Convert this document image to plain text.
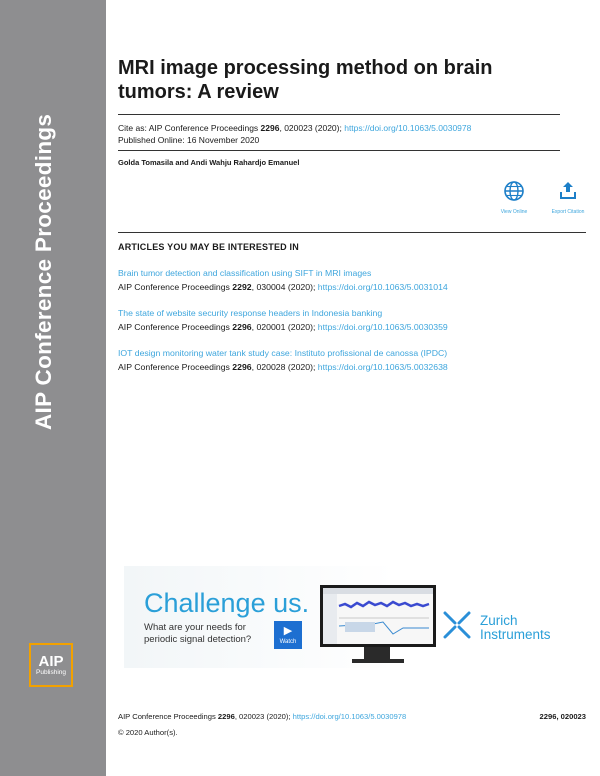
AIP Conference Proceedings
AIP
Publishing
MRI image processing method on brain tumors: A review
Cite as: AIP Conference Proceedings 2296, 020023 (2020); https://doi.org/10.1063/5.0030978
Published Online: 16 November 2020
Golda Tomasila and Andi Wahju Rahardjo Emanuel
View Online	Export Citation
ARTICLES YOU MAY BE INTERESTED IN
Brain tumor detection and classification using SIFT in MRI images
AIP Conference Proceedings 2292, 030004 (2020); https://doi.org/10.1063/5.0031014
The state of website security response headers in Indonesia banking
AIP Conference Proceedings 2296, 020001 (2020); https://doi.org/10.1063/5.0030359
IOT design monitoring water tank study case: Instituto profissional de canossa (IPDC)
AIP Conference Proceedings 2296, 020028 (2020); https://doi.org/10.1063/5.0032638
Challenge us.
What are your needs for
periodic signal detection?
▶
Watch
Zurich
Instruments
AIP Conference Proceedings 2296, 020023 (2020); https://doi.org/10.1063/5.0030978	2296, 020023
© 2020 Author(s).
